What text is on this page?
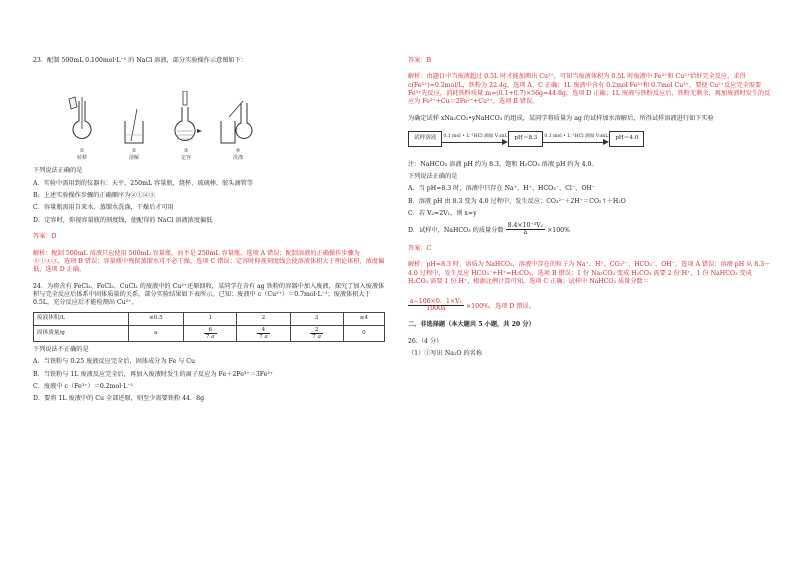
23．配制 500mL 0.100mol·L⁻¹ 的 NaCl 溶液，部分实验操作示意图如下：

①
转移
②
溶解
③
定容
④
洗涤

下列说法正确的是

A．实验中需用到的仪器有：天平、250mL 容量瓶、烧杯、玻璃棒、胶头滴管等

B．上述实验操作步骤的正确顺序为②①④③

C．容量瓶需用自来水、蒸馏水洗涤，干燥后才可用

D．定容时，仰视容量瓶的刻度线，使配得的 NaCl 溶液浓度偏低

答案：D

解析：配制 500mL 溶液只应使用 500mL 容量瓶，而不是 250mL 容量瓶，选项 A 错误；配制溶液的正确操作步骤为②①④③，选项 B 错误；容量瓶中残留蒸馏水可不必干燥，选项 C 错误；定容时仰视刻度线会使溶液体积大于理论体积，浓度偏低，选项 D 正确。

24．为将含有 FeCl₃、FeCl₂、CuCl₂ 的废液中的 Cu²⁺还原回收，某同学在含有 ag 铁粉的容器中加入废液，探究了加入废液体积与完全反应后体系中固体质量的关系，部分实验结果如下表所示。已知：废液中 c（Cu²⁺）＝0.7mol·L⁻¹；废液体积大于 0.5L，充分反应后才能检测出 Cu²⁺。

废液体积/L	≤0.5	1	2	3	≥4
固体质量/g	a	$\frac{6}{7 a}$	$\frac{4}{7 a}$	$\frac{2}{7 a}$	0

下列说法不正确的是

A．当铁粉与 0.25 废液反应完全后，固体成分为 Fe 与 Cu

B．当铁粉与 1L 废液反应完全后，再加入废液时发生的离子反应为 Fe＋2Fe³⁺＝3Fe²⁺

C．废液中 c（Fe³⁺）＝0.2mol·L⁻¹

D．要将 1L 废液中的 Cu 全部还原，则至少需要铁粉 44．8g

答案：B

解析：由题目中当废液超过 0.5L 时才能加测出 Cu²⁺，可知当废液体积为 0.5L 时废液中 Fe³⁺和 Cu²⁺恰好完全反应，求得 c(Fe³⁺)=0.2mol/L，铁粉为 22.4g。选项 A、C 正确；1L 废液中含有 0.2mol Fe³⁺和 0.7mol Cu²⁺，要使 Cu²⁺反应完全需要 Fe³⁺先反应，消耗铁粉质量 m=(0.1+0.7)×56g=44.8g，选项 D 正确；1L 废液与铁粉反应后，铁粉无剩余，再加废液时发生的反应为 Fe³⁺+Cu＝2Fe²⁺+Cu²⁺，选项 B 错误。

为确定试样 xNa₂CO₃•yNaHCO₃ 的组成，某同学将质量为 ag 的试样加水溶解后，所得试样溶液进行如下实验

试样溶液	0.1 mol • L⁻¹HCl 滴加 V₁mL	pH＝8.3	0.1 mol • L⁻¹HCl 滴加 V₂mL	pH＝4.0

注：NaHCO₃ 溶液 pH 约为 8.3，饱和 H₂CO₃ 溶液 pH 约为 4.0。

下列说法正确的是

A．当 pH=8.3 时，溶液中只存在 Na⁺、H⁺、HCO₃⁻、Cl⁻、OH⁻

B．溶液 pH 由 8.3 变为 4.0 过程中，发生反应：CO₃²⁻＋2H⁺＝CO₂↑＋H₂O

C．若 V₂=2V₁，则 x=y

D．试样中，NaHCO₃ 的质量分数 $\frac{\text{8.4×10⁻³V₂}}{a} \times 100\%$

答案：C

解析：pH=8.3 时，溶质为 NaHCO₃，溶液中存在的粒子为 Na⁺、H⁺、CO₃²⁻、HCO₃⁻、OH⁻，选项 A 错误；溶液 pH 从 8.3～4.0 过程中，发生反应 HCO₃⁻+H⁺=H₂CO₃，选项 B 错误；1 份 Na₂CO₃ 变成 H₂CO₃ 需要 2 份 H⁺，1 份 NaHCO₃ 变成 H₂CO₃ 需要 1 份 H⁺，根据比例计算可知，选项 C 正确；试样中 NaHCO₃ 质量分数＝

$\frac{\text{a−106×0．1×V₁}}{1000a} \times 100\%$，选项 D 错误。

二、非选择题（本大题共 5 小题，共 20 分）

26.（4 分）

（1）①写出 Na₂O 的名称
